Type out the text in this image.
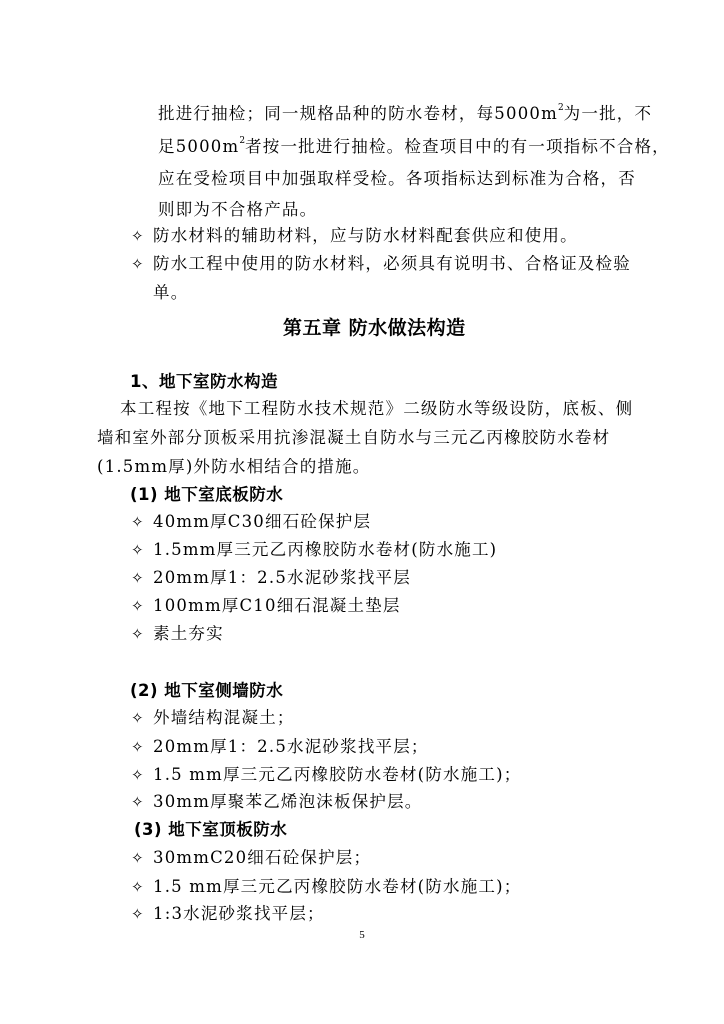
批进行抽检；同一规格品种的防水卷材，每$5000m^2$为一批，不
足$5000m^2$者按一批进行抽检。检查项目中的有一项指标不合格，
应在受检项目中加强取样受检。各项指标达到标准为合格，否
则即为不合格产品。
✧ 防水材料的辅助材料，应与防水材料配套供应和使用。
✧ 防水工程中使用的防水材料，必须具有说明书、合格证及检验
单。
第五章 防水做法构造
1、地下室防水构造
本工程按《地下工程防水技术规范》二级防水等级设防，底板、侧
墙和室外部分顶板采用抗渗混凝土自防水与三元乙丙橡胶防水卷材
(1.5mm厚)外防水相结合的措施。
(1) 地下室底板防水
✧ 40mm厚C30细石砼保护层
✧ 1.5mm厚三元乙丙橡胶防水卷材(防水施工)
✧ 20mm厚1：2.5水泥砂浆找平层
✧ 100mm厚C10细石混凝土垫层
✧ 素土夯实
(2) 地下室侧墙防水
✧ 外墙结构混凝土；
✧ 20mm厚1：2.5水泥砂浆找平层；
✧ 1.5 mm厚三元乙丙橡胶防水卷材(防水施工)；
✧ 30mm厚聚苯乙烯泡沫板保护层。
(3) 地下室顶板防水
✧ 30mmC20细石砼保护层；
✧ 1.5 mm厚三元乙丙橡胶防水卷材(防水施工)；
✧ 1:3水泥砂浆找平层；
5
